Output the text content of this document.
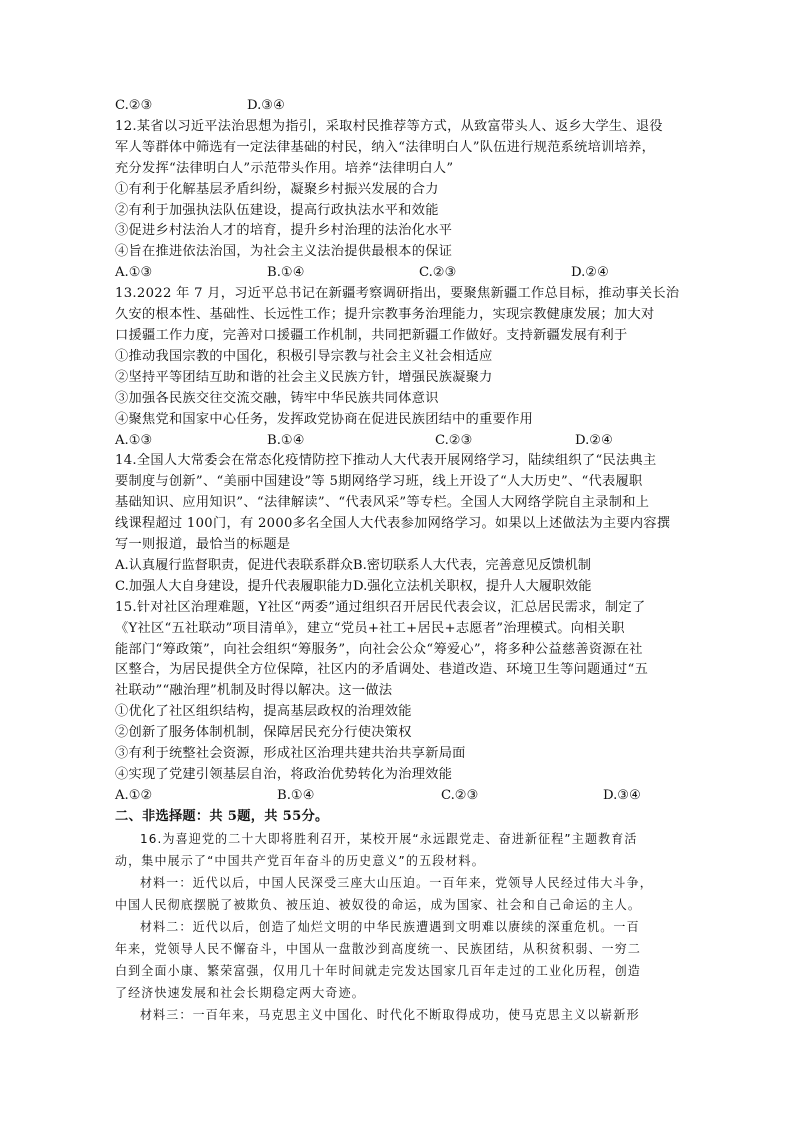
C.②③	D.③④
12.某省以习近平法治思想为指引，采取村民推荐等方式，从致富带头人、返乡大学生、退役
军人等群体中筛选有一定法律基础的村民，纳入“法律明白人”队伍进行规范系统培训培养，
充分发挥“法律明白人”示范带头作用。培养“法律明白人”
①有利于化解基层矛盾纠纷，凝聚乡村振兴发展的合力
②有利于加强执法队伍建设，提高行政执法水平和效能
③促进乡村法治人才的培育，提升乡村治理的法治化水平
④旨在推进依法治国，为社会主义法治提供最根本的保证
A.①③	B.①④	C.②③	D.②④
13.2022 年 7 月，习近平总书记在新疆考察调研指出，要聚焦新疆工作总目标，推动事关长治
久安的根本性、基础性、长远性工作；提升宗教事务治理能力，实现宗教健康发展；加大对
口援疆工作力度，完善对口援疆工作机制，共同把新疆工作做好。支持新疆发展有利于
①推动我国宗教的中国化，积极引导宗教与社会主义社会相适应
②坚持平等团结互助和谐的社会主义民族方针，增强民族凝聚力
③加强各民族交往交流交融，铸牢中华民族共同体意识
④聚焦党和国家中心任务，发挥政党协商在促进民族团结中的重要作用
A.①③	B.①④	C.②③	D.②④
14.全国人大常委会在常态化疫情防控下推动人大代表开展网络学习，陆续组织了“民法典主
要制度与创新”、“美丽中国建设”等 5期网络学习班，线上开设了“人大历史”、“代表履职
基础知识、应用知识”、“法律解读”、“代表风采”等专栏。全国人大网络学院自主录制和上
线课程超过 100门，有 2000多名全国人大代表参加网络学习。如果以上述做法为主要内容撰
写一则报道，最恰当的标题是
A.认真履行监督职责，促进代表联系群众 B.密切联系人大代表，完善意见反馈机制
C.加强人大自身建设，提升代表履职能力 D.强化立法机关职权，提升人大履职效能
15.针对社区治理难题，Y社区“两委”通过组织召开居民代表会议，汇总居民需求，制定了
《Y社区“五社联动”项目清单》，建立“党员+社工+居民+志愿者”治理模式。向相关职
能部门“筹政策”，向社会组织“筹服务”，向社会公众“筹爱心”，将多种公益慈善资源在社
区整合，为居民提供全方位保障，社区内的矛盾调处、巷道改造、环境卫生等问题通过“五
社联动”“融治理”机制及时得以解决。这一做法
①优化了社区组织结构，提高基层政权的治理效能
②创新了服务体制机制，保障居民充分行使决策权
③有利于统整社会资源，形成社区治理共建共治共享新局面
④实现了党建引领基层自治，将政治优势转化为治理效能
A.①②	B.①④	C.②③	D.③④
二、非选择题：共 5题，共 55分。
16.为喜迎党的二十大即将胜利召开，某校开展“永远跟党走、奋进新征程”主题教育活
动，集中展示了“中国共产党百年奋斗的历史意义”的五段材料。
材料一：近代以后，中国人民深受三座大山压迫。一百年来，党领导人民经过伟大斗争，
中国人民彻底摆脱了被欺负、被压迫、被奴役的命运，成为国家、社会和自己命运的主人。
材料二：近代以后，创造了灿烂文明的中华民族遭遇到文明难以赓续的深重危机。一百
年来，党领导人民不懈奋斗，中国从一盘散沙到高度统一、民族团结，从积贫积弱、一穷二
白到全面小康、繁荣富强，仅用几十年时间就走完发达国家几百年走过的工业化历程，创造
了经济快速发展和社会长期稳定两大奇迹。
材料三：一百年来，马克思主义中国化、时代化不断取得成功，使马克思主义以崭新形
